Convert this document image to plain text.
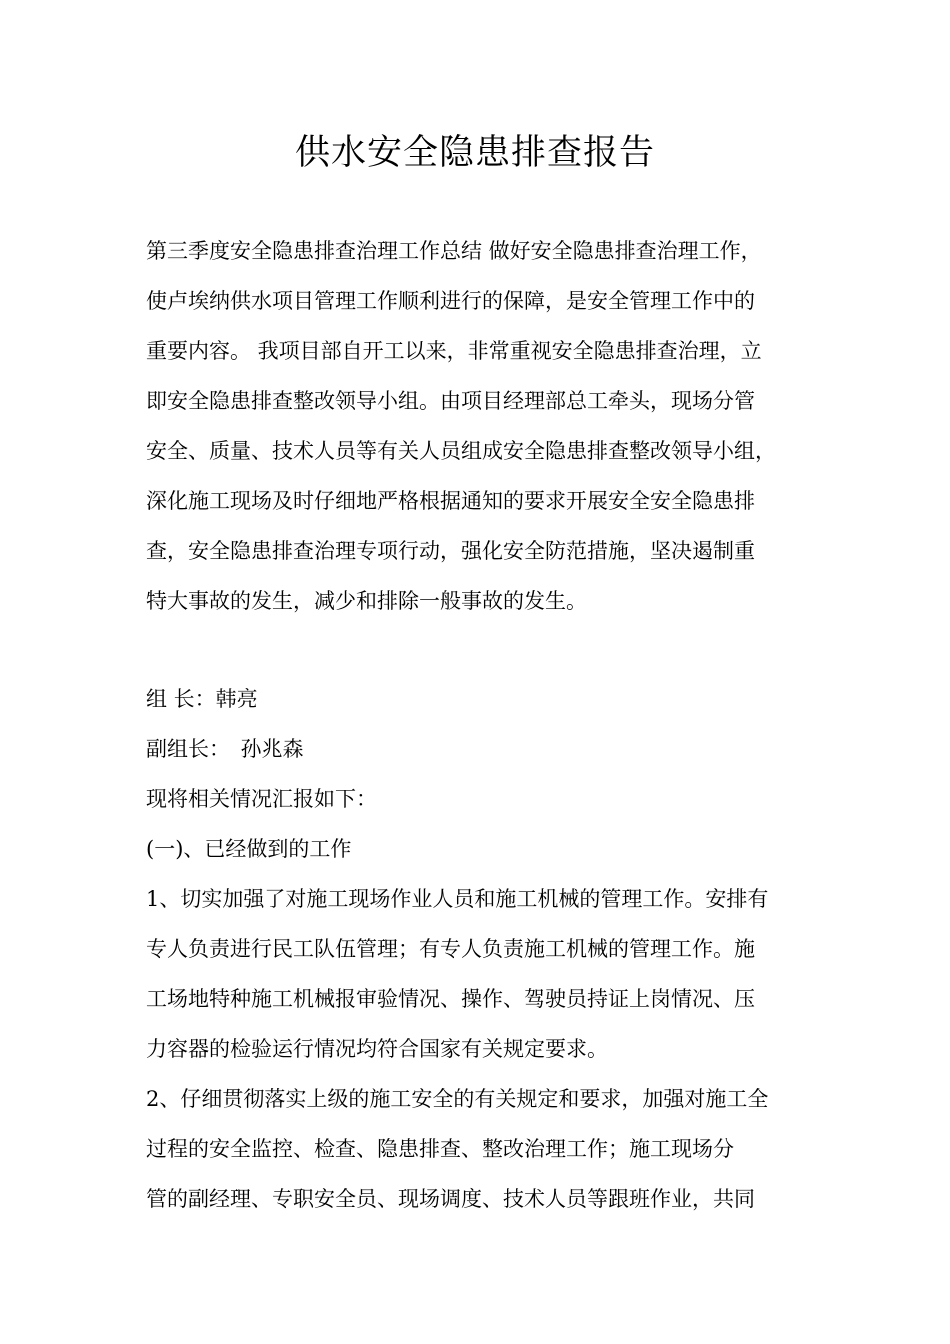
供水安全隐患排查报告
第三季度安全隐患排查治理工作总结 做好安全隐患排查治理工作，
使卢埃纳供水项目管理工作顺利进行的保障，是安全管理工作中的
重要内容。 我项目部自开工以来，非常重视安全隐患排查治理，立
即安全隐患排查整改领导小组。由项目经理部总工牵头，现场分管
安全、质量、技术人员等有关人员组成安全隐患排查整改领导小组，
深化施工现场及时仔细地严格根据通知的要求开展安全安全隐患排
查，安全隐患排查治理专项行动，强化安全防范措施，坚决遏制重
特大事故的发生，减少和排除一般事故的发生。
组 长：韩亮
副组长：　孙兆森
现将相关情况汇报如下：
(一)、已经做到的工作
1、切实加强了对施工现场作业人员和施工机械的管理工作。安排有
专人负责进行民工队伍管理；有专人负责施工机械的管理工作。施
工场地特种施工机械报审验情况、操作、驾驶员持证上岗情况、压
力容器的检验运行情况均符合国家有关规定要求。
2、仔细贯彻落实上级的施工安全的有关规定和要求，加强对施工全
过程的安全监控、检查、隐患排查、整改治理工作；施工现场分
管的副经理、专职安全员、现场调度、技术人员等跟班作业，共同
